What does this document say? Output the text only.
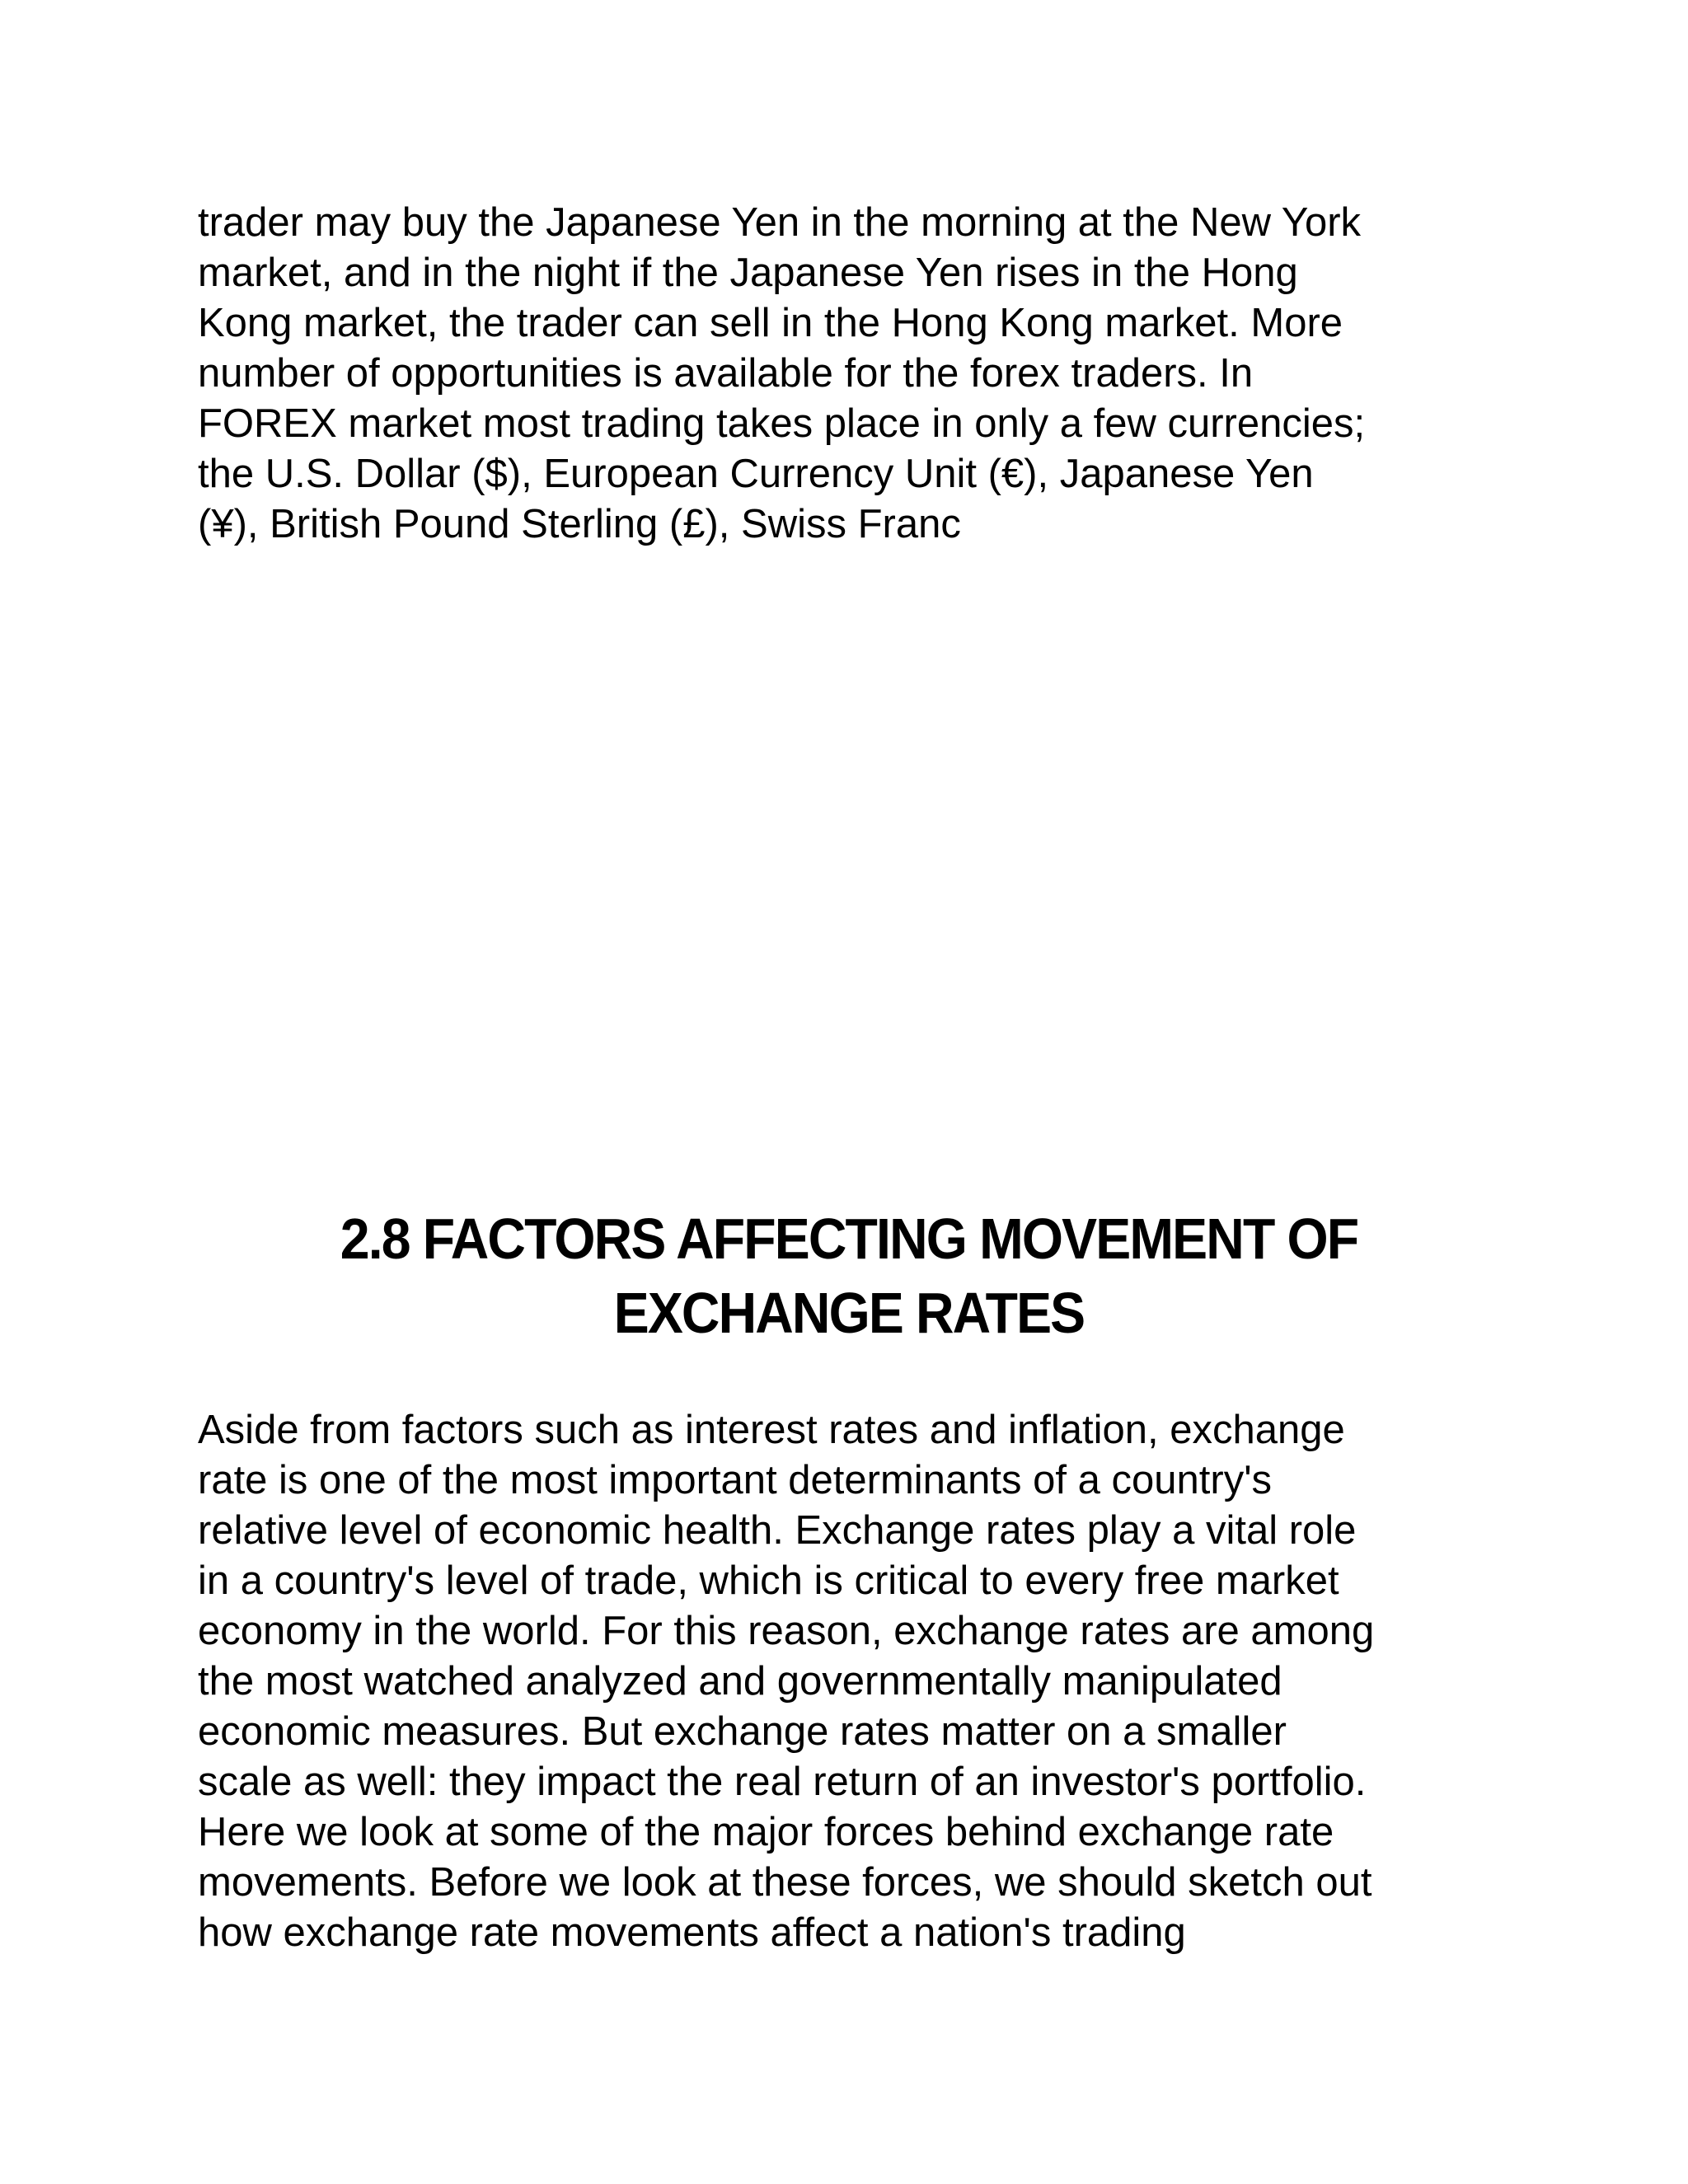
trader may buy the Japanese Yen in the morning at the New York
market, and in the night if the Japanese Yen rises in the Hong
Kong market, the trader can sell in the Hong Kong market. More
number of opportunities is available for the forex traders. In
FOREX market most trading takes place in only a few currencies;
the U.S. Dollar ($), European Currency Unit (€), Japanese Yen
(¥), British Pound Sterling (£), Swiss Franc

2.8 FACTORS AFFECTING MOVEMENT OF
EXCHANGE RATES

Aside from factors such as interest rates and inflation, exchange
rate is one of the most important determinants of a country's
relative level of economic health. Exchange rates play a vital role
in a country's level of trade, which is critical to every free market
economy in the world. For this reason, exchange rates are among
the most watched analyzed and governmentally manipulated
economic measures. But exchange rates matter on a smaller
scale as well: they impact the real return of an investor's portfolio.
Here we look at some of the major forces behind exchange rate
movements. Before we look at these forces, we should sketch out
how exchange rate movements affect a nation's trading
